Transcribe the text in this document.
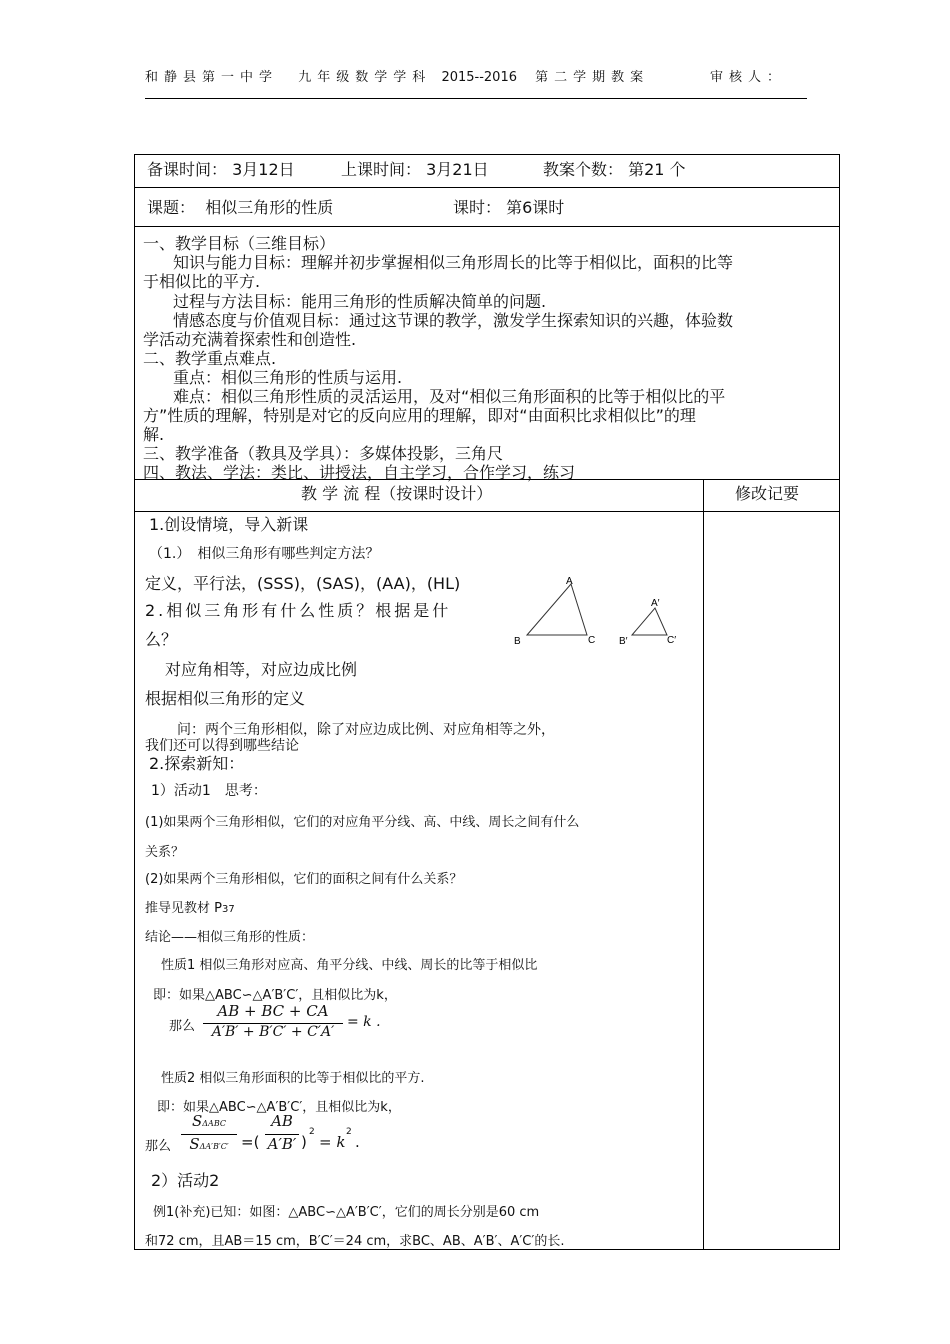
和静县第一中学 九年级数学学科 2015--2016 第二学期教案	审核人：
备课时间： 3月12日	上课时间： 3月21日	教案个数： 第21 个
课题： 相似三角形的性质	课时： 第6课时
一、教学目标（三维目标）
知识与能力目标：理解并初步掌握相似三角形周长的比等于相似比，面积的比等
于相似比的平方.
过程与方法目标：能用三角形的性质解决简单的问题.
情感态度与价值观目标：通过这节课的教学，激发学生探索知识的兴趣，体验数
学活动充满着探索性和创造性.
二、教学重点难点.
重点：相似三角形的性质与运用.
难点：相似三角形性质的灵活运用，及对“相似三角形面积的比等于相似比的平
方”性质的理解，特别是对它的反向应用的理解，即对“由面积比求相似比”的理
解.
三、教学准备（教具及学具）：多媒体投影，三角尺
四、教法、学法：类比、讲授法，自主学习，合作学习，练习
教 学 流 程（按课时设计）	修改记要
1.创设情境，导入新课
（1.）　相似三角形有哪些判定方法？
定义，平行法，(SSS)，(SAS)，(AA)，(HL)
2.相似三角形有什么性质？根据是什
么？
对应角相等，对应边成比例
根据相似三角形的定义
问：两个三角形相似，除了对应边成比例、对应角相等之外，
我们还可以得到哪些结论
2.探索新知：
1）活动1　思考：
(1)如果两个三角形相似，它们的对应角平分线、高、中线、周长之间有什么
关系？
(2)如果两个三角形相似，它们的面积之间有什么关系？
推导见教材 P37
结论——相似三角形的性质：
性质1 相似三角形对应高、角平分线、中线、周长的比等于相似比
即：如果△ABC∽△A′B′C′，且相似比为k，
那么
AB + BC + CA
A′B′ + B′C′ + C′A′
= k .
性质2 相似三角形面积的比等于相似比的平方.
即：如果△ABC∽△A′B′C′，且相似比为k，
那么
SΔABC
SΔA′B′C′ =(
AB
A′B′ )
2
= k
2
.
2）活动2
例1(补充)已知：如图：△ABC∽△A′B′C′，它们的周长分别是60 cm
和72 cm，且AB＝15 cm，B′C′＝24 cm，求BC、AB、A′B′、A′C′的长.
A
B	C
A′
B′	C′
